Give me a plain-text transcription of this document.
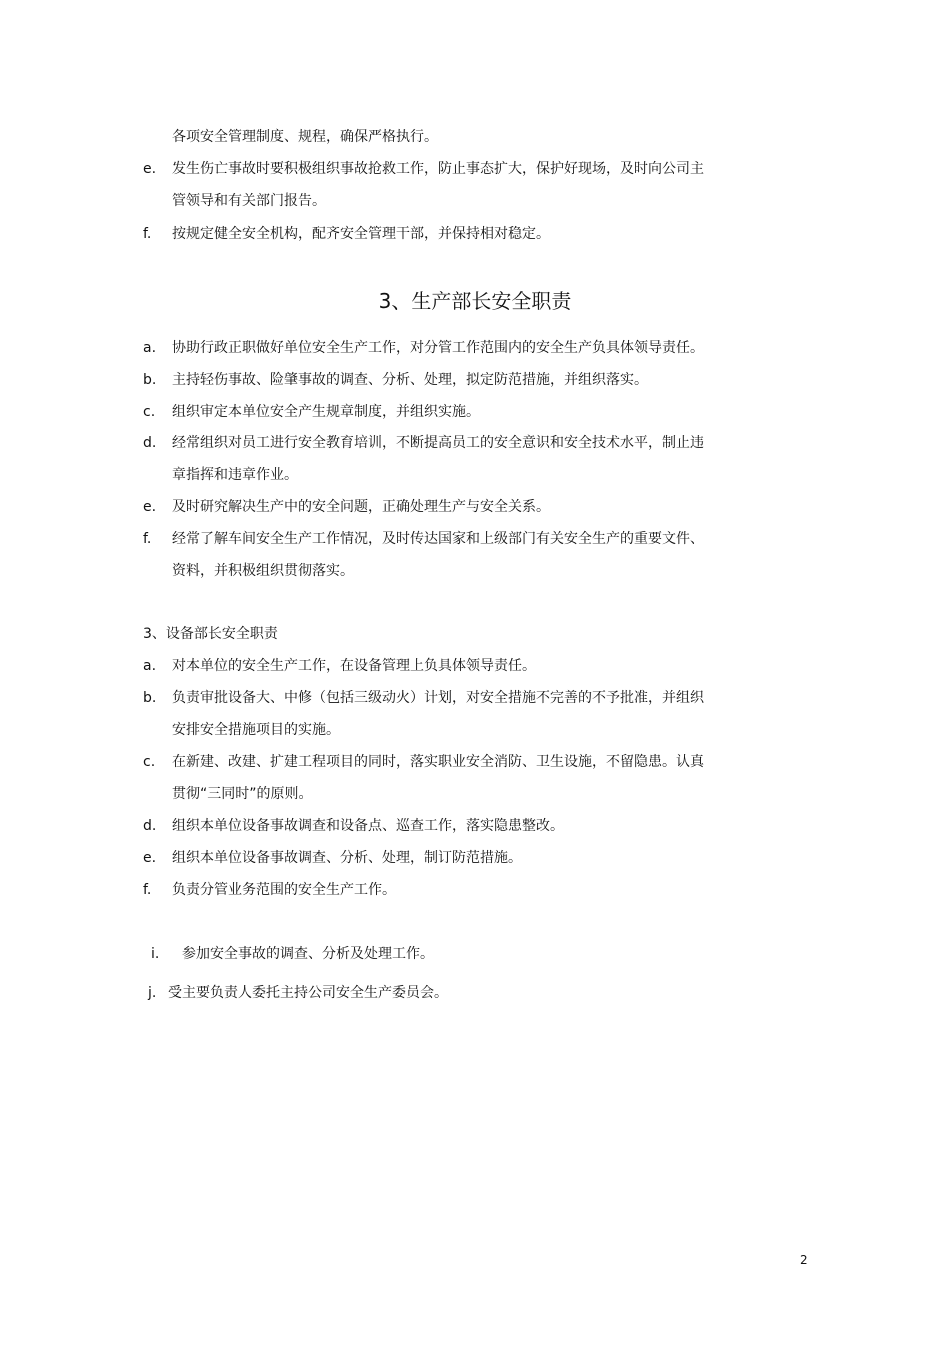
各项安全管理制度、规程，确保严格执行。
e. 发生伤亡事故时要积极组织事故抢救工作，防止事态扩大，保护好现场，及时向公司主
管领导和有关部门报告。
f. 按规定健全安全机构，配齐安全管理干部，并保持相对稳定。
3、生产部长安全职责
a. 协助行政正职做好单位安全生产工作，对分管工作范围内的安全生产负具体领导责任。
b. 主持轻伤事故、险肇事故的调查、分析、处理，拟定防范措施，并组织落实。
c. 组织审定本单位安全产生规章制度，并组织实施。
d. 经常组织对员工进行安全教育培训，不断提高员工的安全意识和安全技术水平，制止违
章指挥和违章作业。
e. 及时研究解决生产中的安全问题，正确处理生产与安全关系。
f. 经常了解车间安全生产工作情况，及时传达国家和上级部门有关安全生产的重要文件、
资料，并积极组织贯彻落实。
3、设备部长安全职责
a. 对本单位的安全生产工作，在设备管理上负具体领导责任。
b. 负责审批设备大、中修（包括三级动火）计划，对安全措施不完善的不予批准，并组织
安排安全措施项目的实施。
c. 在新建、改建、扩建工程项目的同时，落实职业安全消防、卫生设施，不留隐患。认真
贯彻“三同时”的原则。
d. 组织本单位设备事故调查和设备点、巡查工作，落实隐患整改。
e. 组织本单位设备事故调查、分析、处理，制订防范措施。
f. 负责分管业务范围的安全生产工作。
i. 参加安全事故的调查、分析及处理工作。
j. 受主要负责人委托主持公司安全生产委员会。
2
